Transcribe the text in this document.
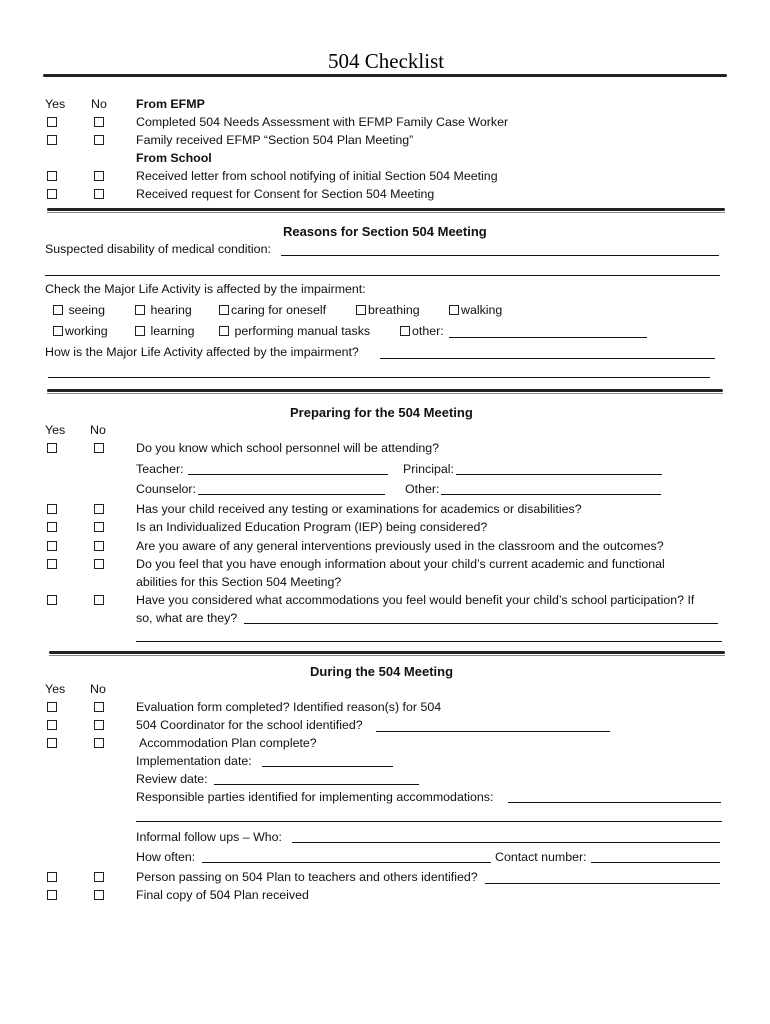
504 Checklist
Yes No From EFMP
Completed 504 Needs Assessment with EFMP Family Case Worker
Family received EFMP “Section 504 Plan Meeting”
From School
Received letter from school notifying of initial Section 504 Meeting
Received request for Consent for Section 504 Meeting
Reasons for Section 504 Meeting
Suspected disability of medical condition:
Check the Major Life Activity is affected by the impairment:
seeing	hearing	caring for oneself	breathing	walking
working	learning	performing manual tasks	other:
How is the Major Life Activity affected by the impairment?
Preparing for the 504 Meeting
Yes No
Do you know which school personnel will be attending?
Teacher:	Principal:
Counselor:	Other:
Has your child received any testing or examinations for academics or disabilities?
Is an Individualized Education Program (IEP) being considered?
Are you aware of any general interventions previously used in the classroom and the outcomes?
Do you feel that you have enough information about your child’s current academic and functional
abilities for this Section 504 Meeting?
Have you considered what accommodations you feel would benefit your child’s school participation? If
so, what are they?
During the 504 Meeting
Yes No
Evaluation form completed? Identified reason(s) for 504
504 Coordinator for the school identified?
Accommodation Plan complete?
Implementation date:
Review date:
Responsible parties identified for implementing accommodations:
Informal follow ups – Who:
How often:	Contact number:
Person passing on 504 Plan to teachers and others identified?
Final copy of 504 Plan received
